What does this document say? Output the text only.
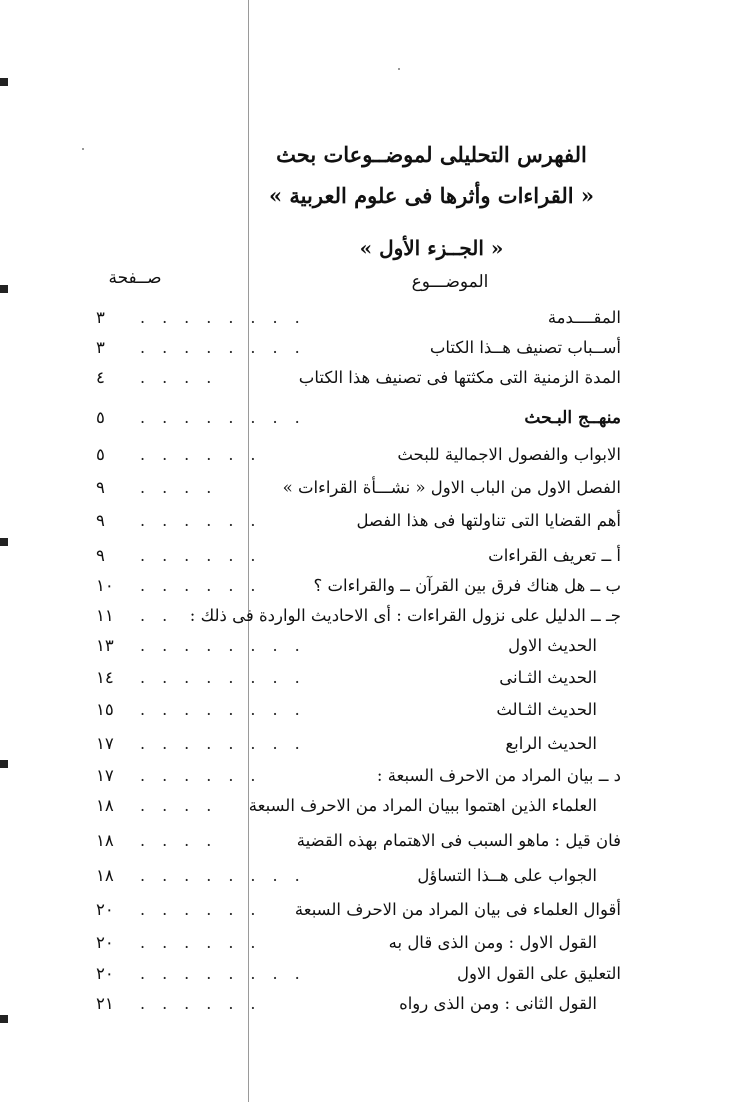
الفهرس التحليلى لموضــوعات بحث
« القراءات وأثرها فى علوم العربية »
« الجــزء الأول »
الموضـــوع
صــفحة
المقــــدمة
........
٣
أســباب تصنيف هــذا الكتاب
........
٣
المدة الزمنية التى مكثتها فى تصنيف هذا الكتاب
....
٤
منهــج البـحث
........
٥
الابواب والفصول الاجمالية للبحث
......
٥
الفصل الاول من الباب الاول « نشـــأة القراءات »
....
٩
أهم القضايا التى تناولتها فى هذا الفصل
......
٩
أ ــ تعريف القراءات
......
٩
ب ــ هل هناك فرق بين القرآن ــ والقراءات ؟
......
١٠
جـ ــ الدليل على نزول القراءات : أى الاحاديث الواردة فى ذلك :
..
١١
الحديث الاول
........
١٣
الحديث الثـانى
........
١٤
الحديث الثـالث
........
١٥
الحديث الرابع
........
١٧
د ــ بيان المراد من الاحرف السبعة :
......
١٧
العلماء الذين اهتموا ببيان المراد من الاحرف السبعة
....
١٨
فان قيل : ماهو السبب فى الاهتمام بهذه القضية
....
١٨
الجواب على هــذا التساؤل
........
١٨
أقوال العلماء فى بيان المراد من الاحرف السبعة
......
٢٠
القول الاول : ومن الذى قال به
......
٢٠
التعليق على القول الاول
........
٢٠
القول الثانى : ومن الذى رواه
......
٢١
